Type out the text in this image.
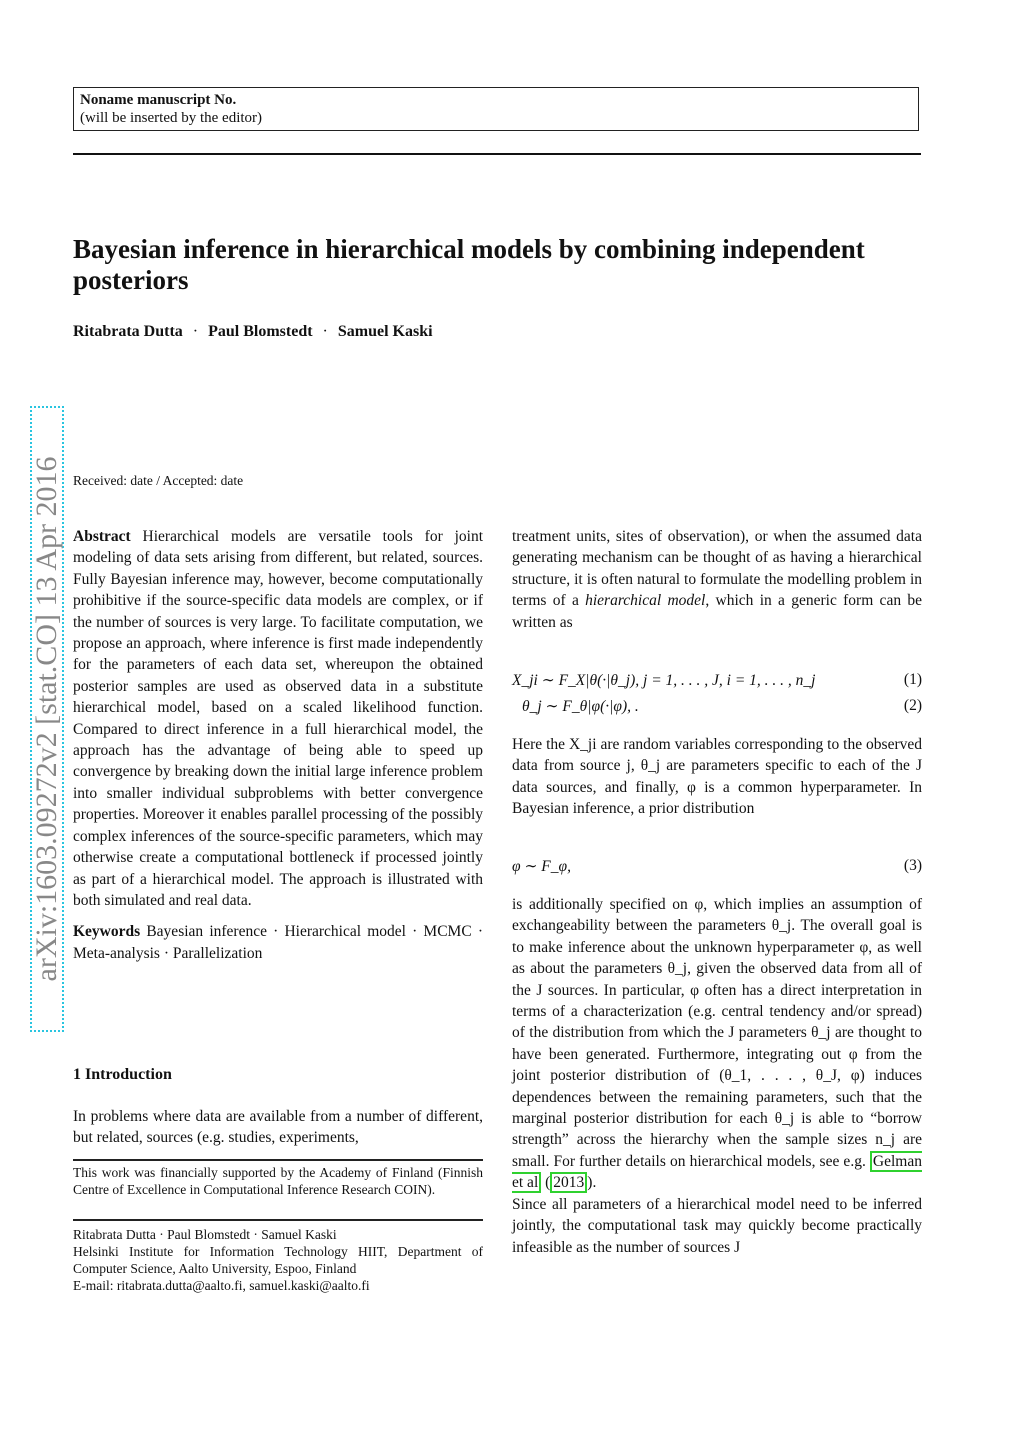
Noname manuscript No.
(will be inserted by the editor)
Bayesian inference in hierarchical models by combining independent posteriors
Ritabrata Dutta · Paul Blomstedt · Samuel Kaski
Received: date / Accepted: date
arXiv:1603.09272v2 [stat.CO] 13 Apr 2016 Abstract Hierarchical models are versatile tools for joint modeling of data sets arising from different, but related, sources. Fully Bayesian inference may, however, become computationally prohibitive if the source-specific data models are complex, or if the number of sources is very large. To facilitate computation, we propose an approach, where inference is first made independently for the parameters of each data set, whereupon the obtained posterior samples are used as observed data in a substitute hierarchical model, based on a scaled likelihood function. Compared to direct inference in a full hierarchical model, the approach has the advantage of being able to speed up convergence by breaking down the initial large inference problem into smaller individual subproblems with better convergence properties. Moreover it enables parallel processing of the possibly complex inferences of the source-specific parameters, which may otherwise create a computational bottleneck if processed jointly as part of a hierarchical model. The approach is illustrated with both simulated and real data.

Keywords Bayesian inference · Hierarchical model · MCMC · Meta-analysis · Parallelization

1 Introduction
In problems where data are available from a number of different, but related, sources (e.g. studies, experiments,
This work was financially supported by the Academy of Finland (Finnish Centre of Excellence in Computational Inference Research COIN).
Ritabrata Dutta · Paul Blomstedt · Samuel Kaski
Helsinki Institute for Information Technology HIIT, Department of Computer Science, Aalto University, Espoo, Finland
E-mail: ritabrata.dutta@aalto.fi, samuel.kaski@aalto.fi

treatment units, sites of observation), or when the assumed data generating mechanism can be thought of as having a hierarchical structure, it is often natural to formulate the modelling problem in terms of a hierarchical model, which in a generic form can be written as

X_ji ∼ F_X|θ(·|θ_j), j = 1, . . . , J, i = 1, . . . , n_j	(1)
θ_j ∼ F_θ|φ(·|φ), .	(2)
Here the X_ji are random variables corresponding to the observed data from source j, θ_j are parameters specific to each of the J data sources, and finally, φ is a common hyperparameter. In Bayesian inference, a prior distribution
φ ∼ F_φ,	(3)

is additionally specified on φ, which implies an assumption of exchangeability between the parameters θ_j. The overall goal is to make inference about the unknown hyperparameter φ, as well as about the parameters θ_j, given the observed data from all of the J sources. In particular, φ often has a direct interpretation in terms of a characterization (e.g. central tendency and/or spread) of the distribution from which the J parameters θ_j are thought to have been generated. Furthermore, integrating out φ from the joint posterior distribution of (θ_1, . . . , θ_J, φ) induces dependences between the remaining parameters, such that the marginal posterior distribution for each θ_j is able to “borrow strength” across the hierarchy when the sample sizes n_j are small. For further details on hierarchical models, see e.g. Gelman et al ( 2013 ).

Since all parameters of a hierarchical model need to be inferred jointly, the computational task may quickly become practically infeasible as the number of sources J
